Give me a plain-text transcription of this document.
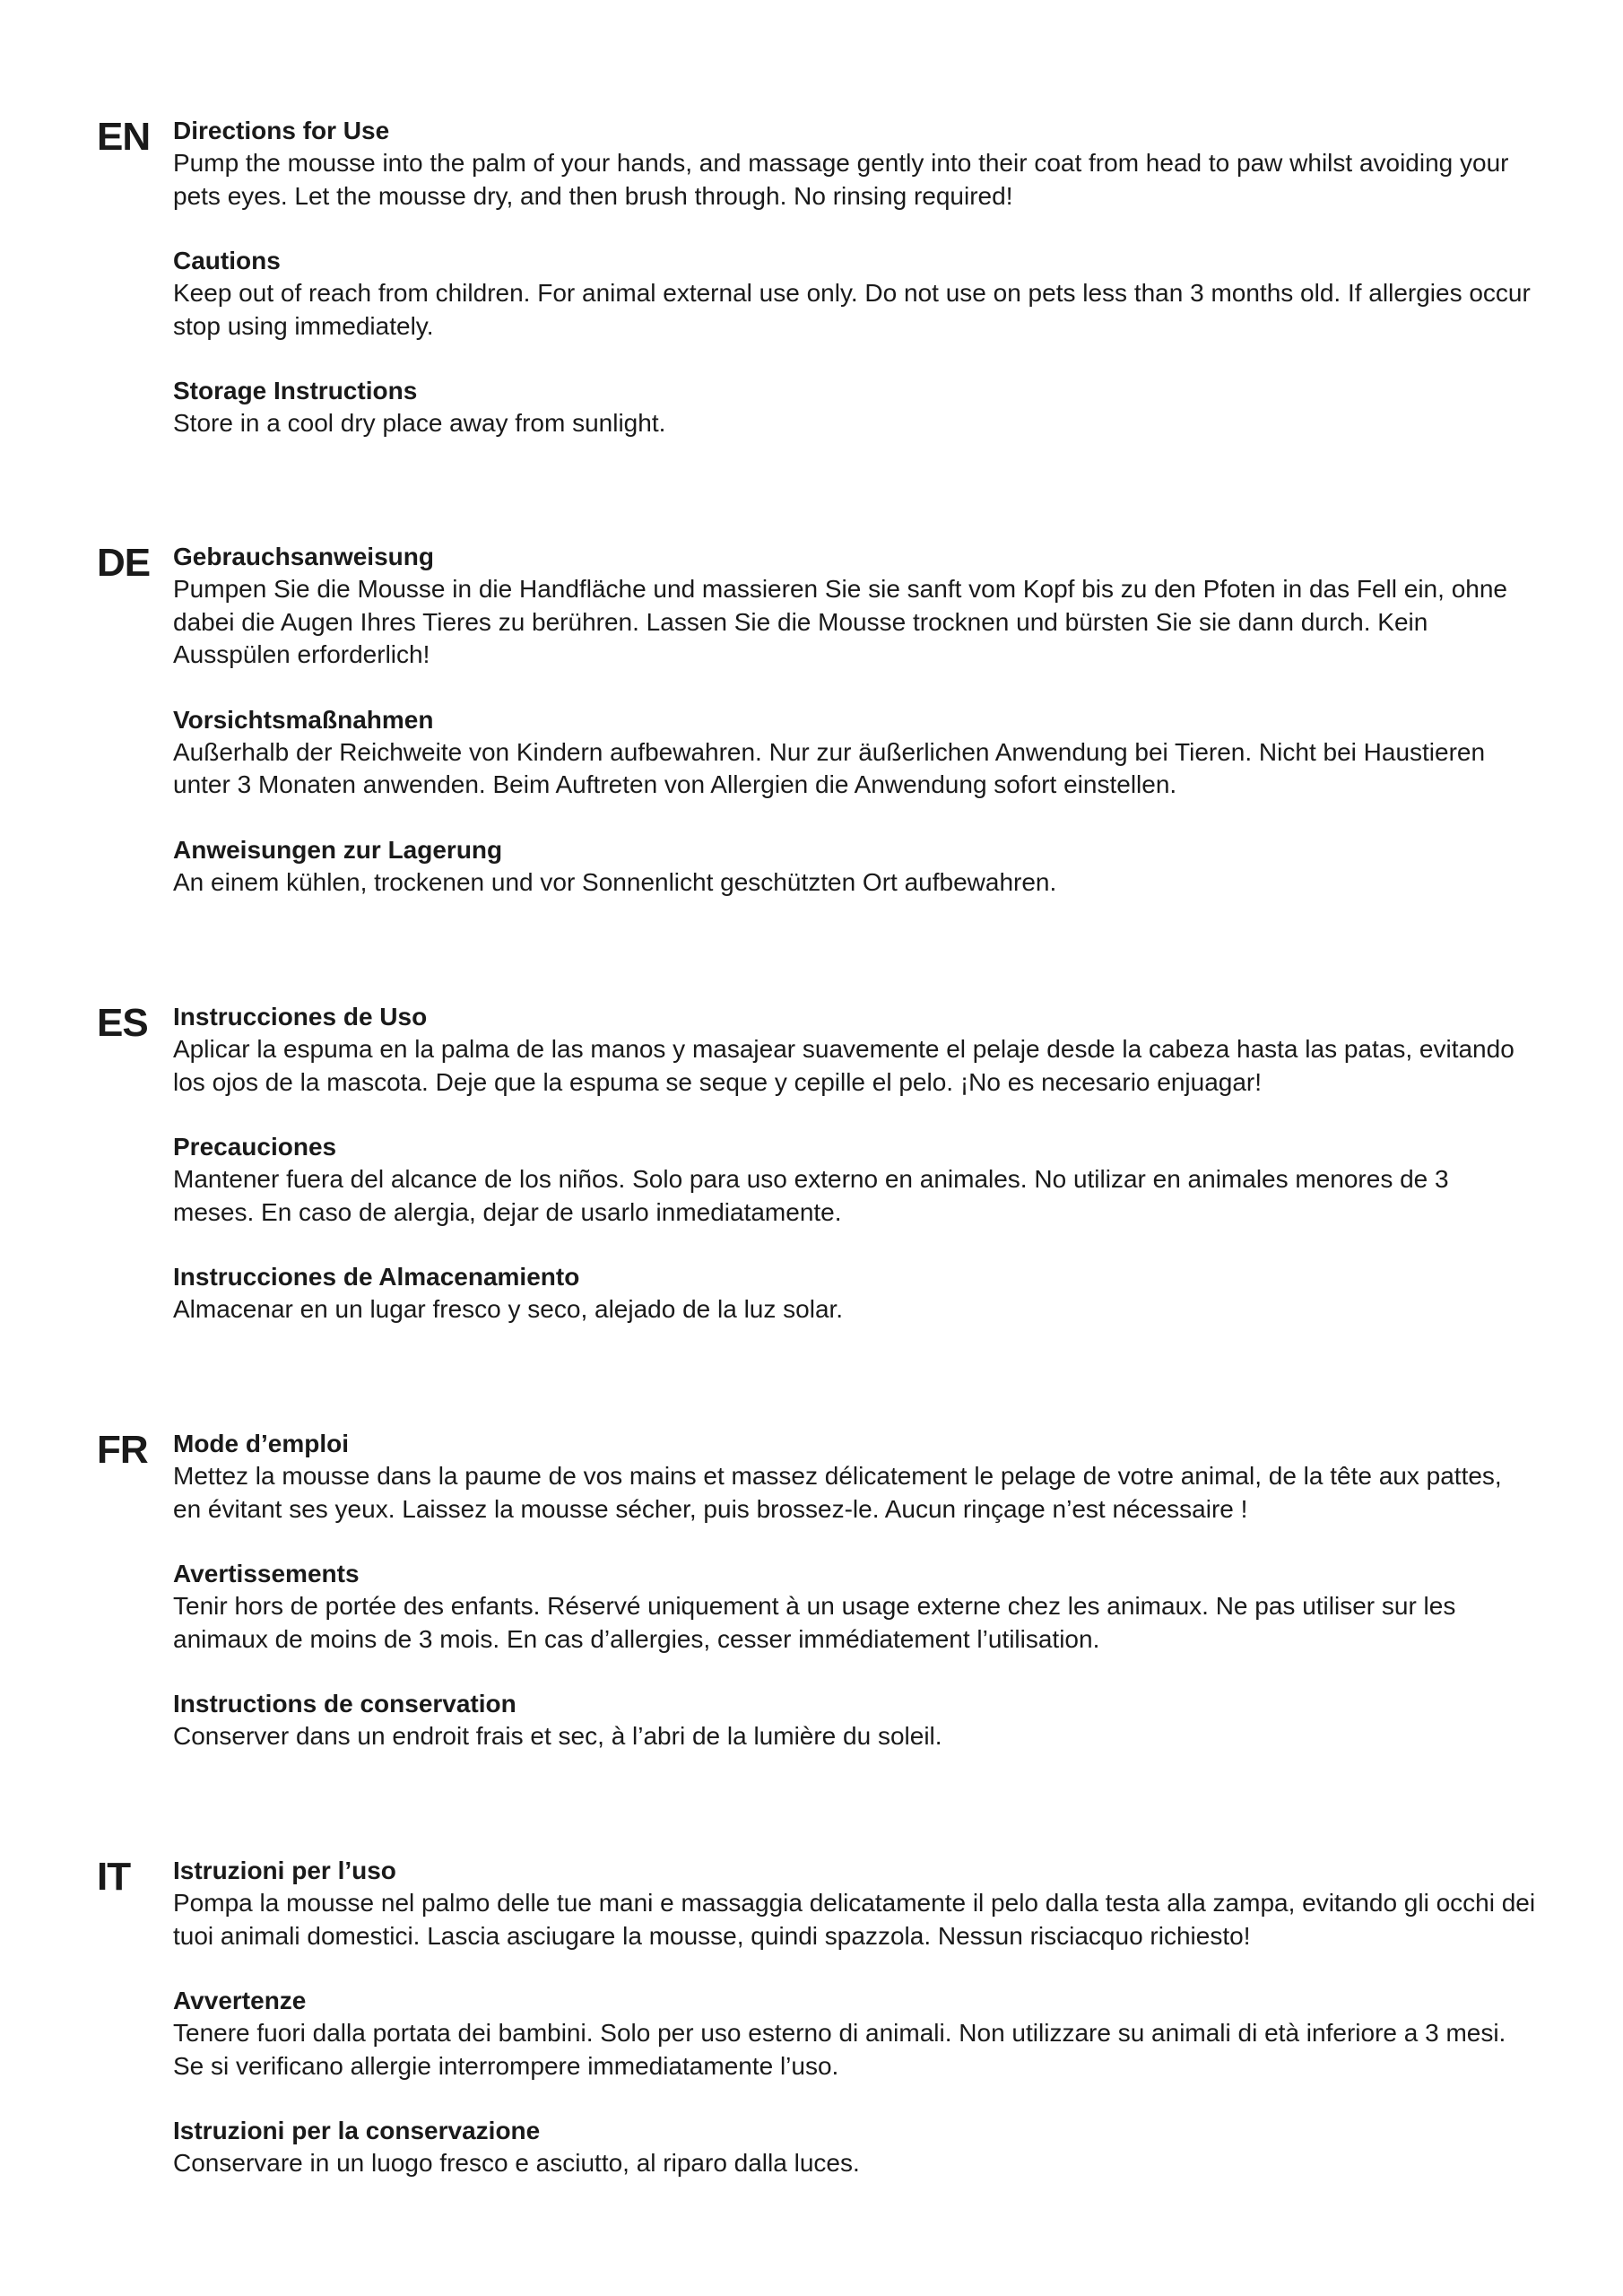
EN Directions for Use

Pump the mousse into the palm of your hands, and massage gently into their coat from head to paw whilst avoiding your pets eyes. Let the mousse dry, and then brush through. No rinsing required!

Cautions

Keep out of reach from children. For animal external use only. Do not use on pets less than 3 months old. If allergies occur stop using immediately.

Storage Instructions

Store in a cool dry place away from sunlight.

DE Gebrauchsanweisung

Pumpen Sie die Mousse in die Handfläche und massieren Sie sie sanft vom Kopf bis zu den Pfoten in das Fell ein, ohne dabei die Augen Ihres Tieres zu berühren. Lassen Sie die Mousse trocknen und bürsten Sie sie dann durch. Kein Ausspülen erforderlich!

Vorsichtsmaßnahmen

Außerhalb der Reichweite von Kindern aufbewahren. Nur zur äußerlichen Anwendung bei Tieren. Nicht bei Haustieren unter 3 Monaten anwenden. Beim Auftreten von Allergien die Anwendung sofort einstellen.

Anweisungen zur Lagerung

An einem kühlen, trockenen und vor Sonnenlicht geschützten Ort aufbewahren.

ES Instrucciones de Uso

Aplicar la espuma en la palma de las manos y masajear suavemente el pelaje desde la cabeza hasta las patas, evitando los ojos de la mascota. Deje que la espuma se seque y cepille el pelo. ¡No es necesario enjuagar!

Precauciones

Mantener fuera del alcance de los niños. Solo para uso externo en animales. No utilizar en animales menores de 3 meses. En caso de alergia, dejar de usarlo inmediatamente.

Instrucciones de Almacenamiento

Almacenar en un lugar fresco y seco, alejado de la luz solar.

FR Mode d’emploi

Mettez la mousse dans la paume de vos mains et massez délicatement le pelage de votre animal, de la tête aux pattes, en évitant ses yeux. Laissez la mousse sécher, puis brossez-le. Aucun rinçage n’est nécessaire !

Avertissements

Tenir hors de portée des enfants. Réservé uniquement à un usage externe chez les animaux. Ne pas utiliser sur les animaux de moins de 3 mois. En cas d’allergies, cesser immédiatement l’utilisation.

Instructions de conservation

Conserver dans un endroit frais et sec, à l’abri de la lumière du soleil.

IT Istruzioni per l’uso

Pompa la mousse nel palmo delle tue mani e massaggia delicatamente il pelo dalla testa alla zampa, evitando gli occhi dei tuoi animali domestici. Lascia asciugare la mousse, quindi spazzola. Nessun risciacquo richiesto!

Avvertenze

Tenere fuori dalla portata dei bambini. Solo per uso esterno di animali. Non utilizzare su animali di età inferiore a 3 mesi. Se si verificano allergie interrompere immediatamente l’uso.

Istruzioni per la conservazione

Conservare in un luogo fresco e asciutto, al riparo dalla luces.
